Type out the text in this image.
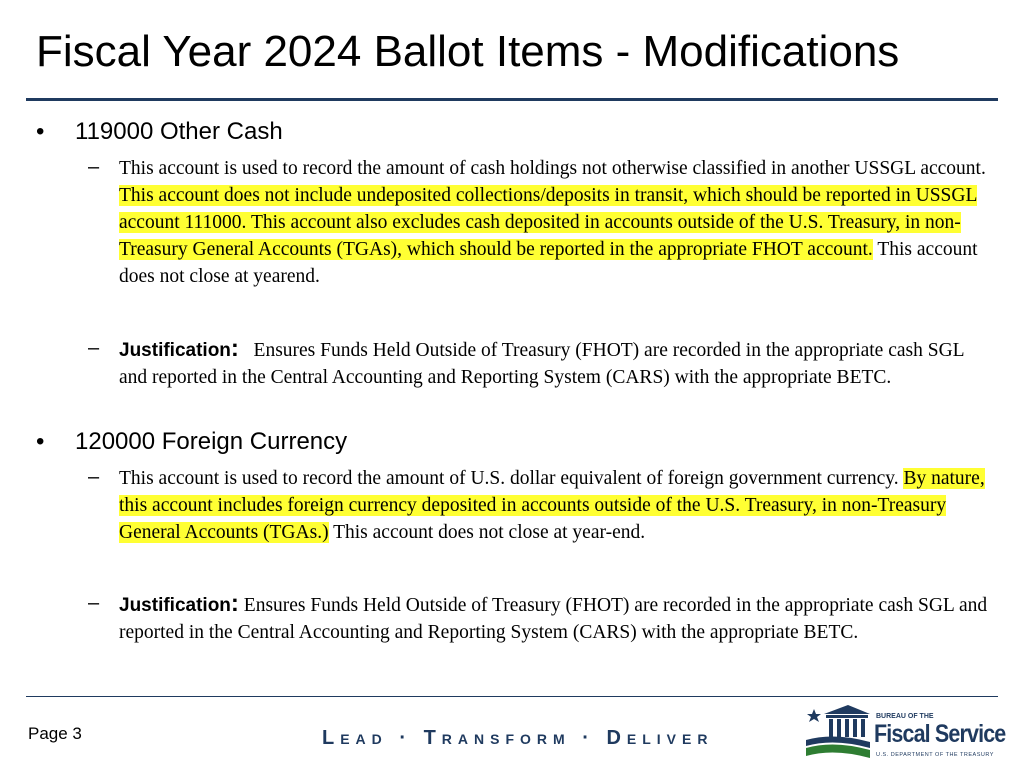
Fiscal Year 2024 Ballot Items - Modifications
• 119000 Other Cash
– This account is used to record the amount of cash holdings not otherwise classified in another USSGL account. This account does not include undeposited collections/deposits in transit, which should be reported in USSGL account 111000. This account also excludes cash deposited in accounts outside of the U.S. Treasury, in non-Treasury General Accounts (TGAs), which should be reported in the appropriate FHOT account. This account does not close at yearend.

– Justification: Ensures Funds Held Outside of Treasury (FHOT) are recorded in the appropriate cash SGL and reported in the Central Accounting and Reporting System (CARS) with the appropriate BETC.

• 120000 Foreign Currency
– This account is used to record the amount of U.S. dollar equivalent of foreign government currency. By nature, this account includes foreign currency deposited in accounts outside of the U.S. Treasury, in non-Treasury General Accounts (TGAs.) This account does not close at year-end.

– Justification: Ensures Funds Held Outside of Treasury (FHOT) are recorded in the appropriate cash SGL and reported in the Central Accounting and Reporting System (CARS) with the appropriate BETC.

Page 3	LEAD · TRANSFORM · DELIVER
BUREAU OF THE
Fiscal Service
U.S. DEPARTMENT OF THE TREASURY
